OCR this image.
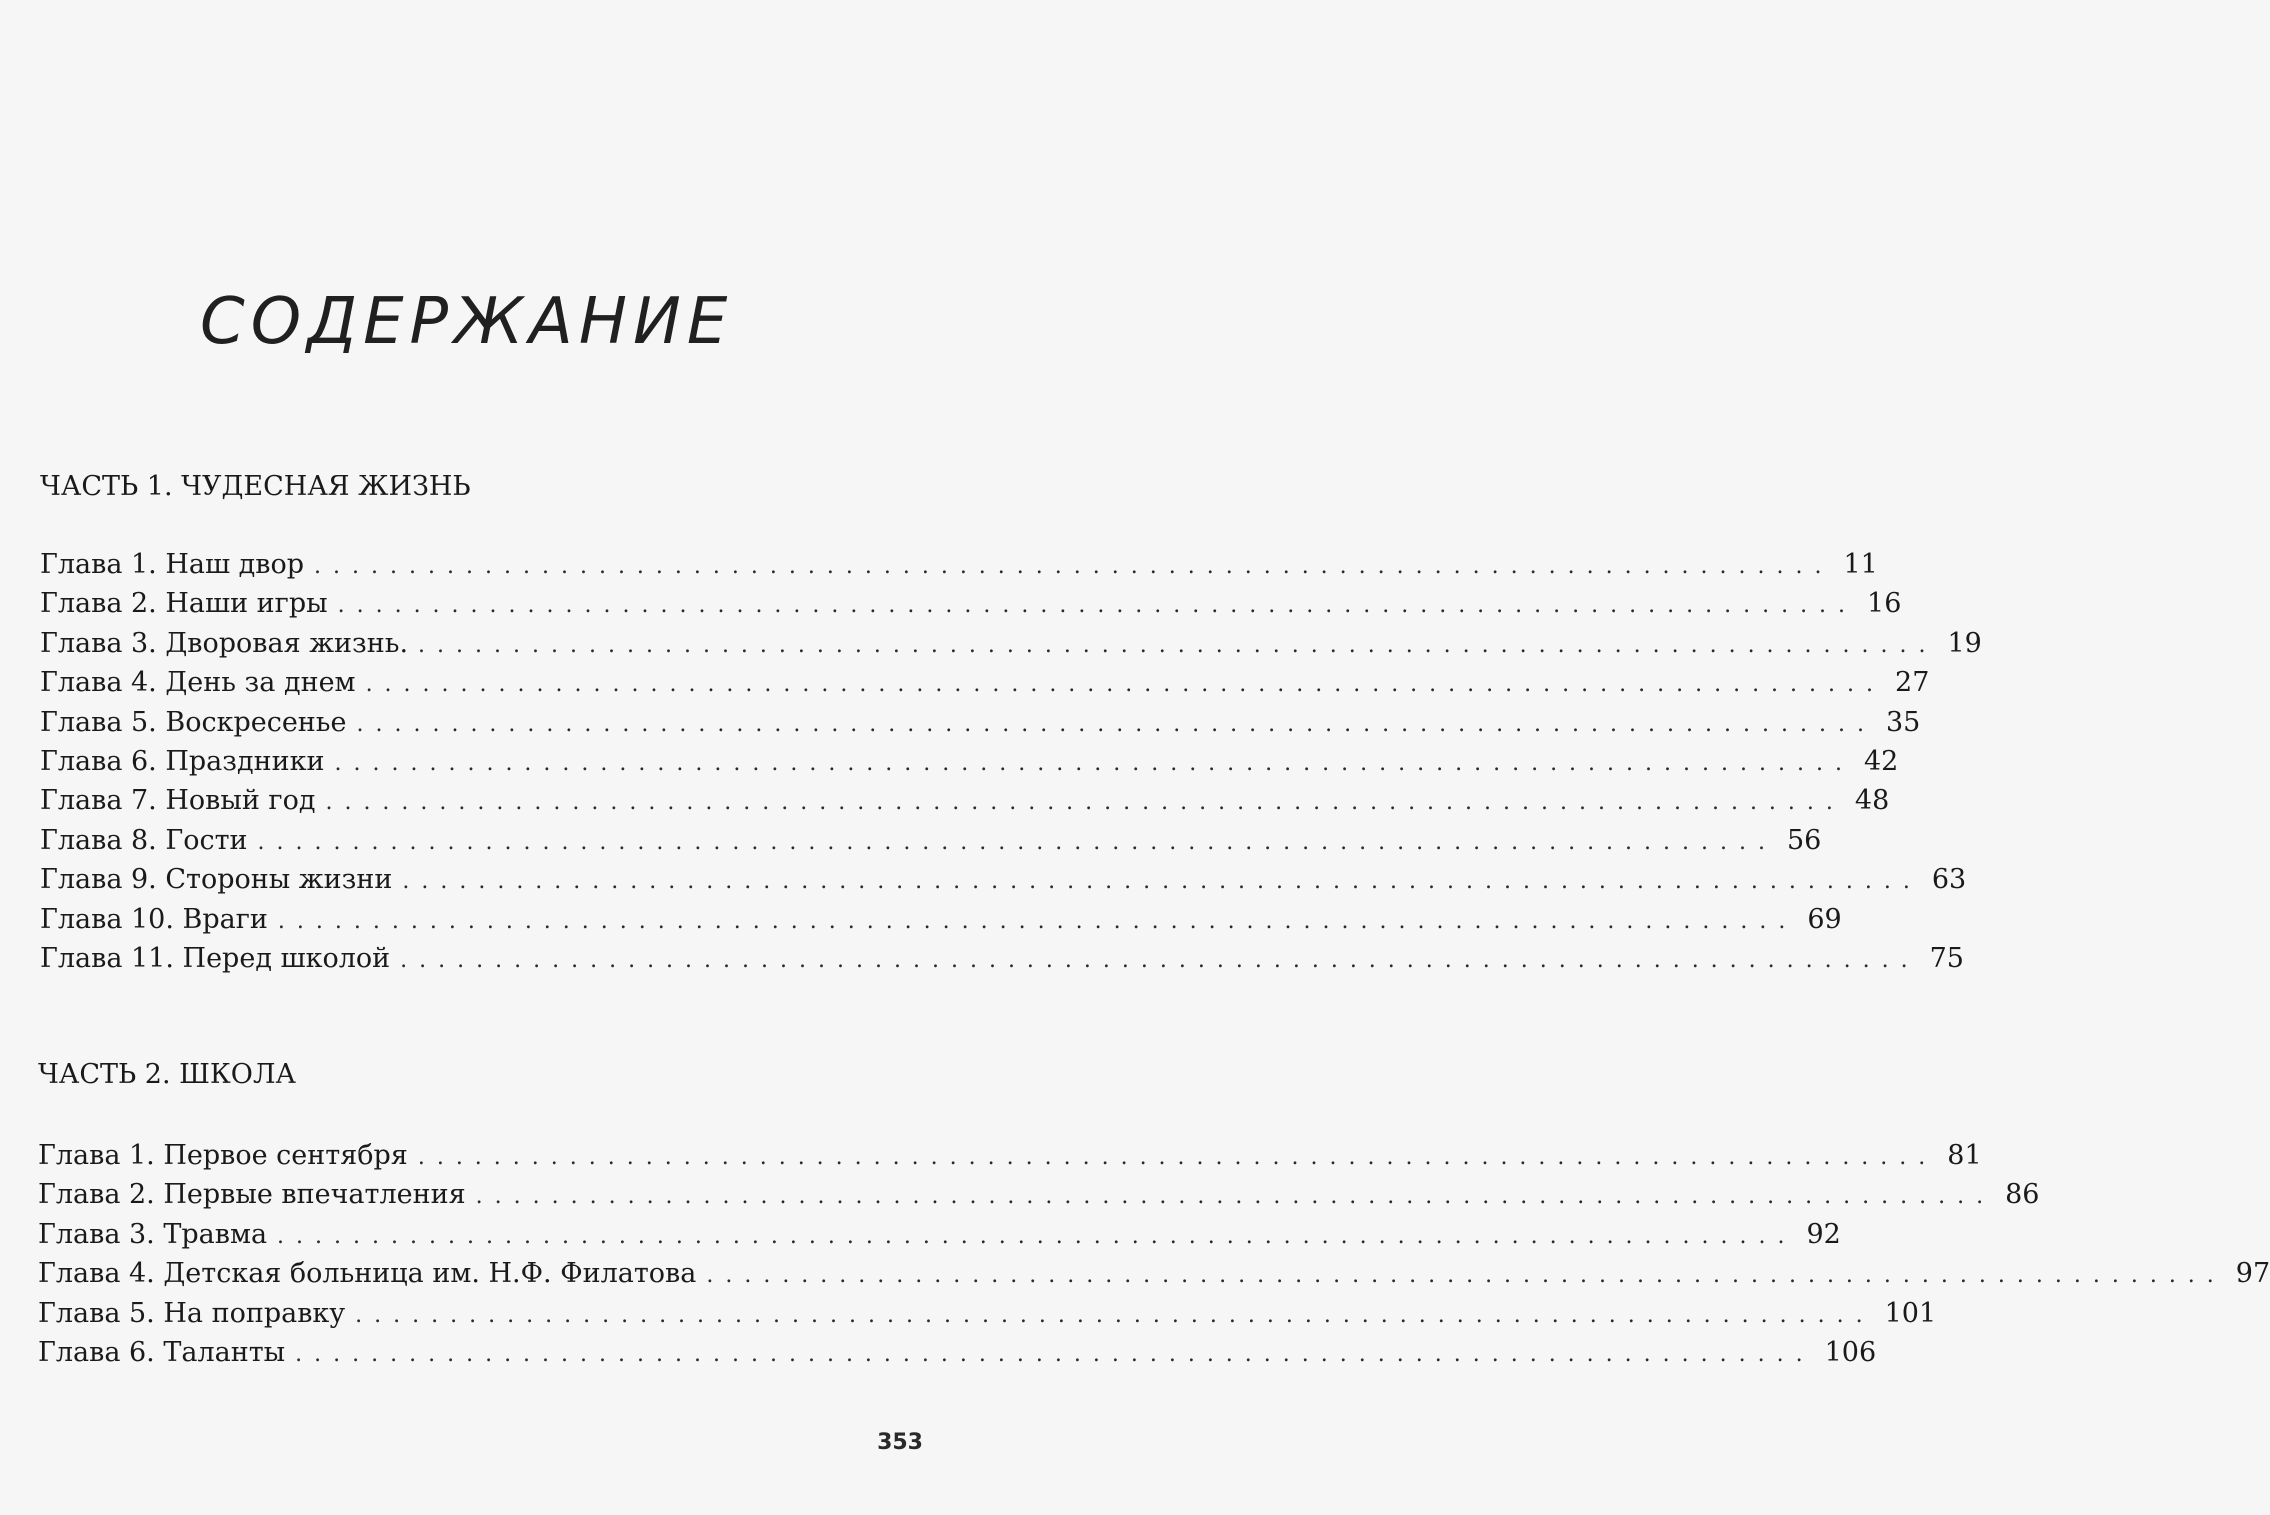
СОДЕРЖАНИЕ
ЧАСТЬ 1. ЧУДЕСНАЯ ЖИЗНЬ
Глава 1. Наш двор ................................................................................ 11
Глава 2. Наши игры ................................................................................ 16
Глава 3. Дворовая жизнь. ................................................................................ 19
Глава 4. День за днем ................................................................................ 27
Глава 5. Воскресенье ................................................................................ 35
Глава 6. Праздники ................................................................................ 42
Глава 7. Новый год ................................................................................ 48
Глава 8. Гости ................................................................................ 56
Глава 9. Стороны жизни ................................................................................ 63
Глава 10. Враги ................................................................................ 69
Глава 11. Перед школой ................................................................................ 75
ЧАСТЬ 2. ШКОЛА
Глава 1. Первое сентября ................................................................................ 81
Глава 2. Первые впечатления ................................................................................ 86
Глава 3. Травма ................................................................................ 92
Глава 4. Детская больница им. Н.Ф. Филатова ................................................................................ 97
Глава 5. На поправку ................................................................................ 101
Глава 6. Таланты ................................................................................ 106
353
